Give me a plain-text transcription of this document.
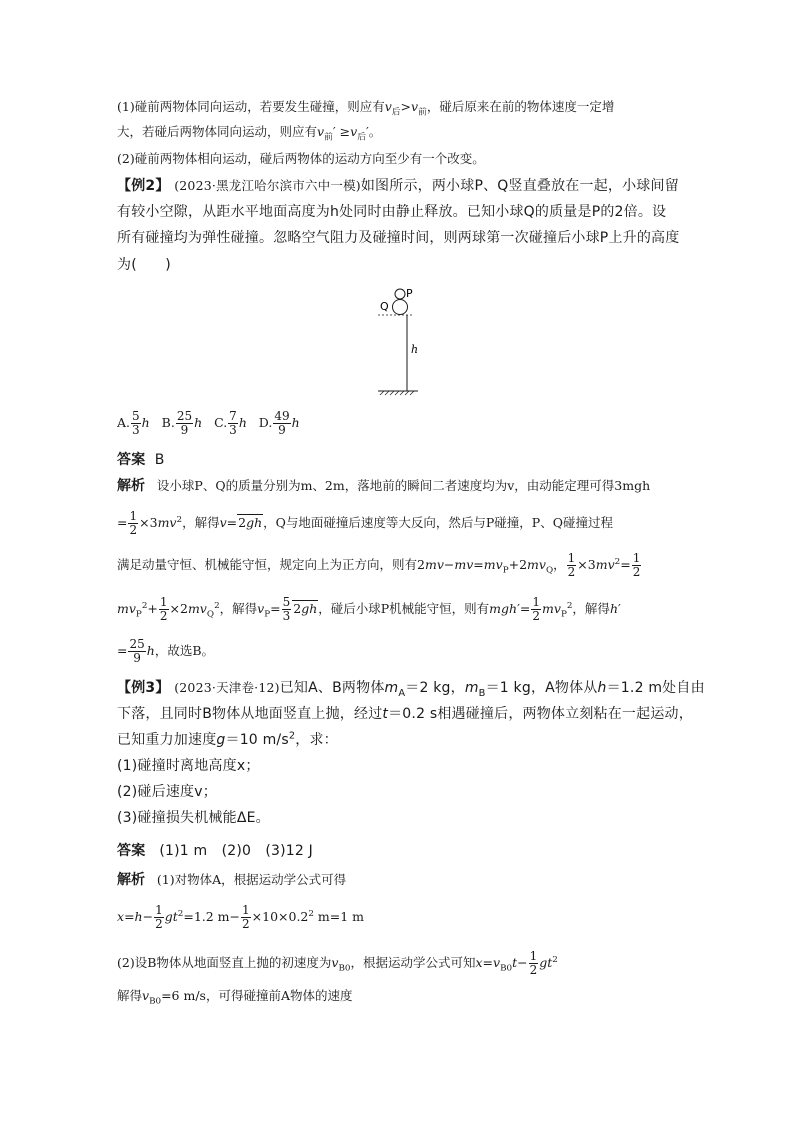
(1)碰前两物体同向运动，若要发生碰撞，则应有$v_后>v_前$，碰后原来在前的物体速度一定增
大，若碰后两物体同向运动，则应有$v_前' \ge v_后'$。
(2)碰前两物体相向运动，碰后两物体的运动方向至少有一个改变。
【例2】 (2023·黑龙江哈尔滨市六中一模)如图所示，两小球P、Q竖直叠放在一起，小球间留
有较小空隙，从距水平地面高度为h处同时由静止释放。已知小球Q的质量是P的2倍。设
所有碰撞均为弹性碰撞。忽略空气阻力及碰撞时间，则两球第一次碰撞后小球P上升的高度
为(　　)
P
Q
h
A. $\frac{5}{3}$ h B. $\frac{25}{9}$ h C. $\frac{7}{3}$ h D. $\frac{49}{9}$ h
答案 B
解析 设小球P、Q的质量分别为m、2m，落地前的瞬间二者速度均为v，由动能定理可得3mgh
= $\frac{1}{2} \times 3mv^2$，解得v=2gh，Q与地面碰撞后速度等大反向，然后与P碰撞，P、Q碰撞过程
满足动量守恒、机械能守恒，规定向上为正方向，则有$2mv-mv=mv_P+2mv_Q$， $\frac{1}{2} \times 3mv^2= \frac{1}{2}$
$mv_P^2+ \frac{1}{2} \times 2mv_Q^2$，解得$v_P= \frac{5}{3} 2gh$，碰后小球P机械能守恒，则有$mgh'= \frac{1}{2} mv_P^2$，解得h′
= $\frac{25}{9}$ h，故选B。
【例3】 (2023·天津卷·12)已知A、B两物体$m_A=2$ kg，$m_B=1$ kg，A物体从h＝1.2 m处自由
下落，且同时B物体从地面竖直上抛，经过t＝0.2 s相遇碰撞后，两物体立刻粘在一起运动，
已知重力加速度g＝10 $m/s^2$，求：
(1)碰撞时离地高度x；
(2)碰后速度v；
(3)碰撞损失机械能ΔE。
答案 (1)1 m　(2)0　(3)12 J
解析 (1)对物体A，根据运动学公式可得
$x=h- \frac{1}{2} gt^2=1.2$ $m- \frac{1}{2} \times 10\times 0.2^2$ m=1 m
(2)设B物体从地面竖直上抛的初速度为$v_{B0}$，根据运动学公式可知$x=v_{B0}t- \frac{1}{2} gt^2$
解得$v_{B0}=6$ m/s，可得碰撞前A物体的速度
